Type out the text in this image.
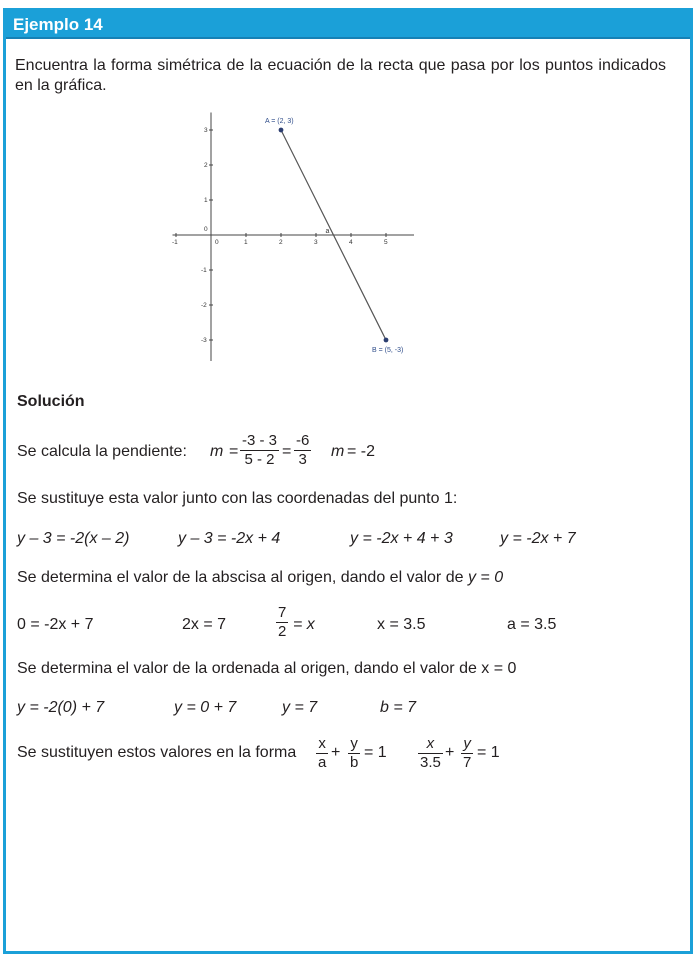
Ejemplo 14
Encuentra la forma simétrica de la ecuación de la recta que pasa por los puntos indicados en la gráfica.
-1	0	1	2	3	4	5
3
2
1
0
-1
-2
-3
A = (2, 3)
B = (5, -3)
a
Solución
Se calcula la pendiente: $m = \frac{-3 - 3}{5 - 2} = \frac{-6}{3}$ m = -2
Se sustituye esta valor junto con las coordenadas del punto 1:
y – 3 = -2(x – 2)	y – 3 = -2x + 4	y = -2x + 4 + 3	y = -2x + 7
Se determina el valor de la abscisa al origen, dando el valor de y = 0
0 = -2x + 7	2x = 7	$\frac{7}{2} = x$	x = 3.5	a = 3.5
Se determina el valor de la ordenada al origen, dando el valor de x = 0
y = -2(0) + 7	y = 0 + 7	y = 7	b = 7
Se sustituyen estos valores en la forma $\frac{x}{a} + \frac{y}{b} = 1 \frac{x}{3.5} + \frac{y}{7} = 1$
